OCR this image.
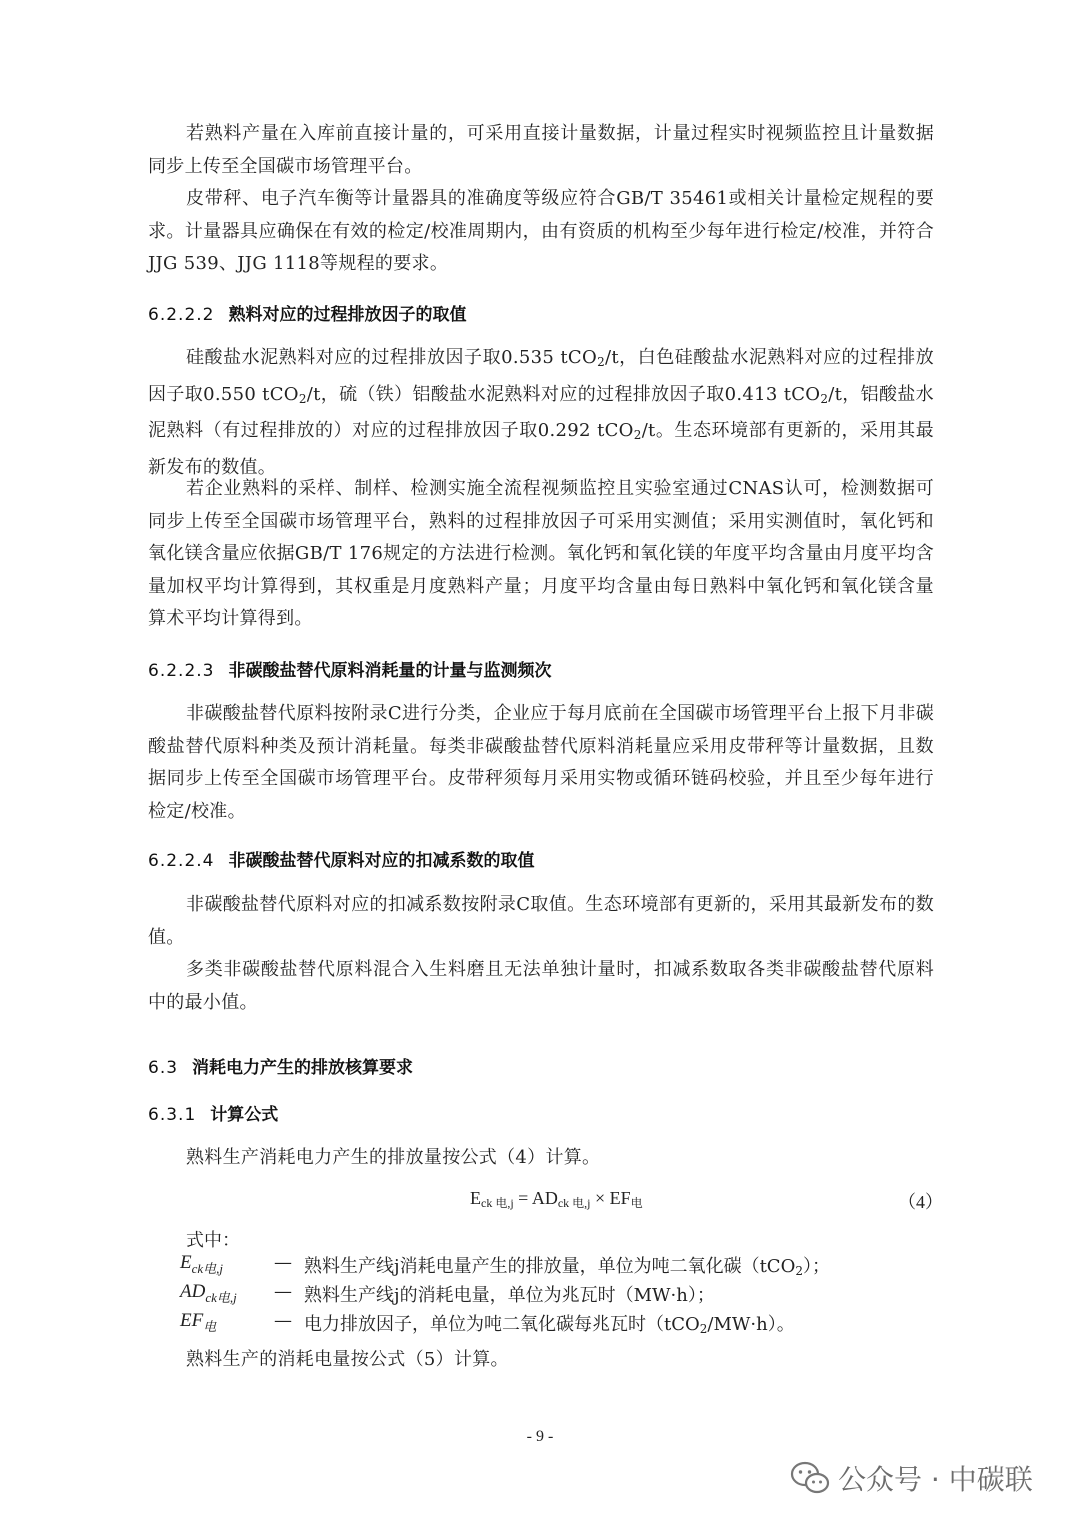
若熟料产量在入库前直接计量的，可采用直接计量数据，计量过程实时视频监控且计量数据同步上传至全国碳市场管理平台。

皮带秤、电子汽车衡等计量器具的准确度等级应符合GB/T 35461或相关计量检定规程的要求。计量器具应确保在有效的检定/校准周期内，由有资质的机构至少每年进行检定/校准，并符合JJG 539、JJG 1118等规程的要求。

6.2.2.2 熟料对应的过程排放因子的取值

硅酸盐水泥熟料对应的过程排放因子取0.535 tCO$_2$/t，白色硅酸盐水泥熟料对应的过程排放因子取0.550 tCO$_2$/t，硫（铁）铝酸盐水泥熟料对应的过程排放因子取0.413 tCO$_2$/t，铝酸盐水泥熟料（有过程排放的）对应的过程排放因子取0.292 tCO$_2$/t。生态环境部有更新的，采用其最新发布的数值。

若企业熟料的采样、制样、检测实施全流程视频监控且实验室通过CNAS认可，检测数据可同步上传至全国碳市场管理平台，熟料的过程排放因子可采用实测值；采用实测值时，氧化钙和氧化镁含量应依据GB/T 176规定的方法进行检测。氧化钙和氧化镁的年度平均含量由月度平均含量加权平均计算得到，其权重是月度熟料产量；月度平均含量由每日熟料中氧化钙和氧化镁含量算术平均计算得到。

6.2.2.3 非碳酸盐替代原料消耗量的计量与监测频次

非碳酸盐替代原料按附录C进行分类，企业应于每月底前在全国碳市场管理平台上报下月非碳酸盐替代原料种类及预计消耗量。每类非碳酸盐替代原料消耗量应采用皮带秤等计量数据，且数据同步上传至全国碳市场管理平台。皮带秤须每月采用实物或循环链码校验，并且至少每年进行检定/校准。

6.2.2.4 非碳酸盐替代原料对应的扣减系数的取值

非碳酸盐替代原料对应的扣减系数按附录C取值。生态环境部有更新的，采用其最新发布的数值。

多类非碳酸盐替代原料混合入生料磨且无法单独计量时，扣减系数取各类非碳酸盐替代原料中的最小值。

6.3 消耗电力产生的排放核算要求
6.3.1 计算公式

熟料生产消耗电力产生的排放量按公式（4）计算。

$E_{ck 电,j} = AD_{ck 电,j} \times EF_电$	（4）
式中：
$E_{ck电,j}$	— 熟料生产线j消耗电量产生的排放量，单位为吨二氧化碳（tCO$_2$）；
$AD_{ck电,j}$ — 熟料生产线j的消耗电量，单位为兆瓦时（MW·h）；
$EF_电$	— 电力排放因子，单位为吨二氧化碳每兆瓦时（tCO$_2$/MW·h）。

熟料生产的消耗电量按公式（5）计算。

- 9 -
公众号 · 中碳联
